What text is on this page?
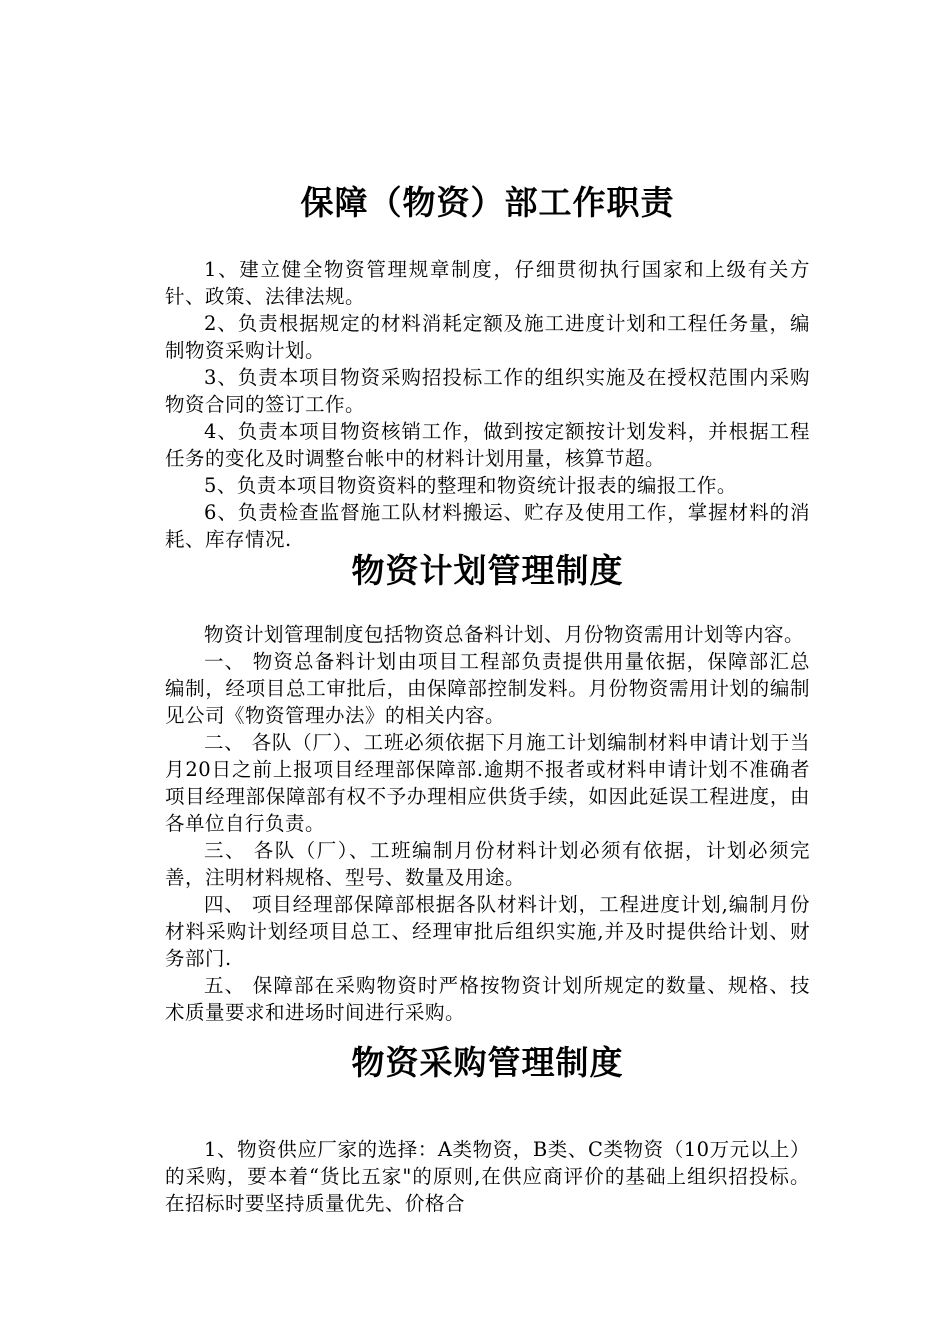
保障（物资）部工作职责

1、建立健全物资管理规章制度，仔细贯彻执行国家和上级有关方针、政策、法律法规。

2、负责根据规定的材料消耗定额及施工进度计划和工程任务量，编制物资采购计划。

3、负责本项目物资采购招投标工作的组织实施及在授权范围内采购物资合同的签订工作。

4、负责本项目物资核销工作，做到按定额按计划发料，并根据工程任务的变化及时调整台帐中的材料计划用量，核算节超。

5、负责本项目物资资料的整理和物资统计报表的编报工作。

6、负责检查监督施工队材料搬运、贮存及使用工作，掌握材料的消耗、库存情况.

物资计划管理制度

物资计划管理制度包括物资总备料计划、月份物资需用计划等内容。

一、 物资总备料计划由项目工程部负责提供用量依据，保障部汇总编制，经项目总工审批后，由保障部控制发料。月份物资需用计划的编制见公司《物资管理办法》的相关内容。

二、 各队（厂）、工班必须依据下月施工计划编制材料申请计划于当月20日之前上报项目经理部保障部.逾期不报者或材料申请计划不准确者项目经理部保障部有权不予办理相应供货手续，如因此延误工程进度，由各单位自行负责。

三、 各队（厂）、工班编制月份材料计划必须有依据，计划必须完善，注明材料规格、型号、数量及用途。

四、 项目经理部保障部根据各队材料计划，工程进度计划,编制月份材料采购计划经项目总工、经理审批后组织实施,并及时提供给计划、财务部门.

五、 保障部在采购物资时严格按物资计划所规定的数量、规格、技术质量要求和进场时间进行采购。

物资采购管理制度

1、物资供应厂家的选择：A类物资，B类、C类物资（10万元以上）的采购，要本着“货比五家"的原则,在供应商评价的基础上组织招投标。在招标时要坚持质量优先、价格合
